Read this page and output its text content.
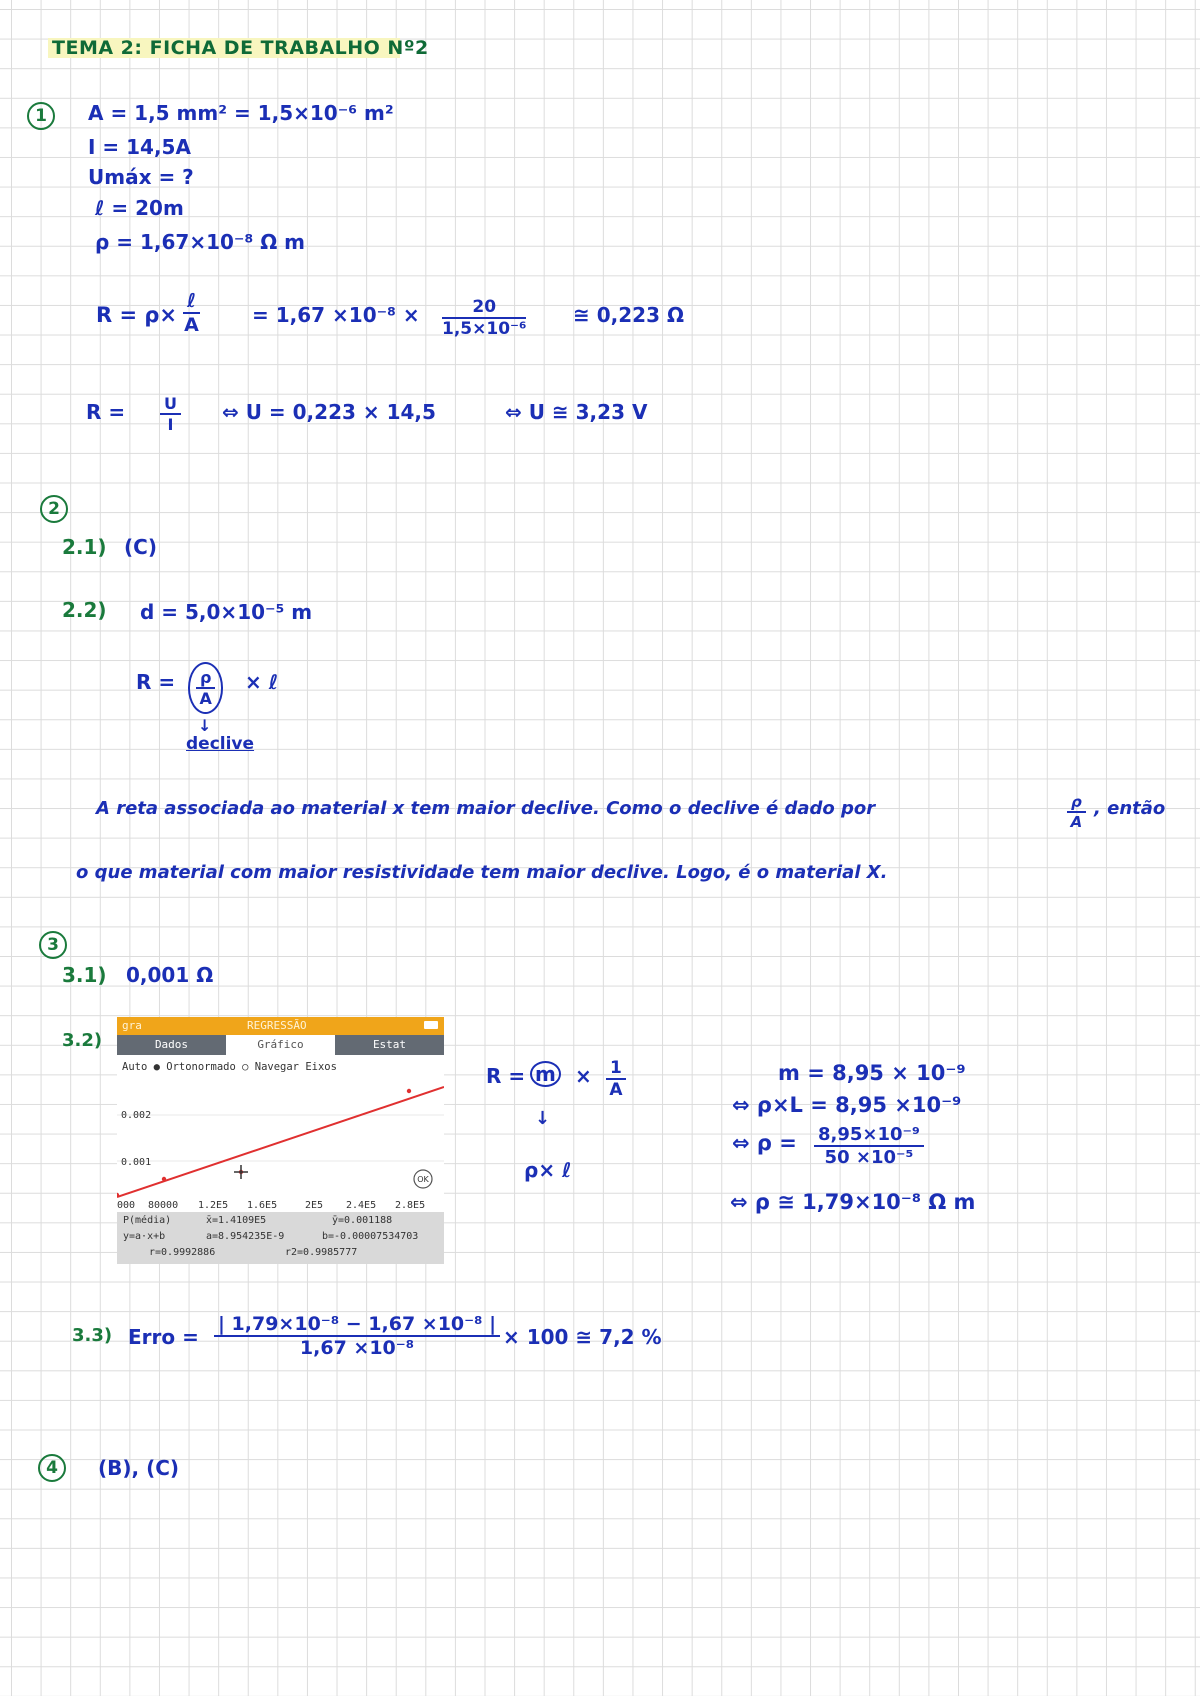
TEMA 2: FICHA DE TRABALHO Nº2
1	A = 1,5 mm² = 1,5×10⁻⁶ m²
I = 14,5A
Umáx = ?
ℓ = 20m
ρ = 1,67×10⁻⁸ Ω m
R = ρ×
ℓ
A	= $1,67 \times 10^{-8} \times \frac{20}{\text{1,5×10⁻⁶}}$ ≅ 0,223 Ω
$R = \frac{U}{I}$ ⇔ U = 0,223 × 14,5	⇔ U ≅ 3,23 V
2
2.1) (C)
2.2) d = 5,0×10⁻⁵ m
$R = \frac{\rho}{A}$ × ℓ
↓
declive
A reta associada ao material x tem maior declive. Como o declive é dado por	$\frac{\rho}{A}$ , então
o que material com maior resistividade tem maior declive. Logo, é o material X.
3
3.1) 0,001 Ω
3.2)
gra	REGRESSÃO
Dados	Gráfico	Estat
Auto ● Ortonormado ○ Navegar Eixos
OK
0.002
0.001
000 80000 1.2E5 1.6E5	2E5 2.4E5 2.8E5
P(média)	x̄=1.4109E5	ȳ=0.001188
y=a·x+b	a=8.954235E-9	b=-0.00007534703
r=0.9992886	r2=0.9985777
$R = m \times \frac{1}{A}$
↓
ρ× ℓ
m = 8,95 × 10⁻⁹
⇔ ρ×L = 8,95 ×10⁻⁹
⇔ $\rho = \frac{\text{8,95×10⁻⁹}}{\text{50 ×10⁻⁵}}$
⇔ ρ ≅ 1,79×10⁻⁸ Ω m
3.3) Erro = $\frac{\text{| 1,79×10⁻⁸ − 1,67 ×10⁻⁸ |}}{\text{1,67 ×10⁻⁸}} \times 100$ ≅ 7,2 %
4	(B), (C)
